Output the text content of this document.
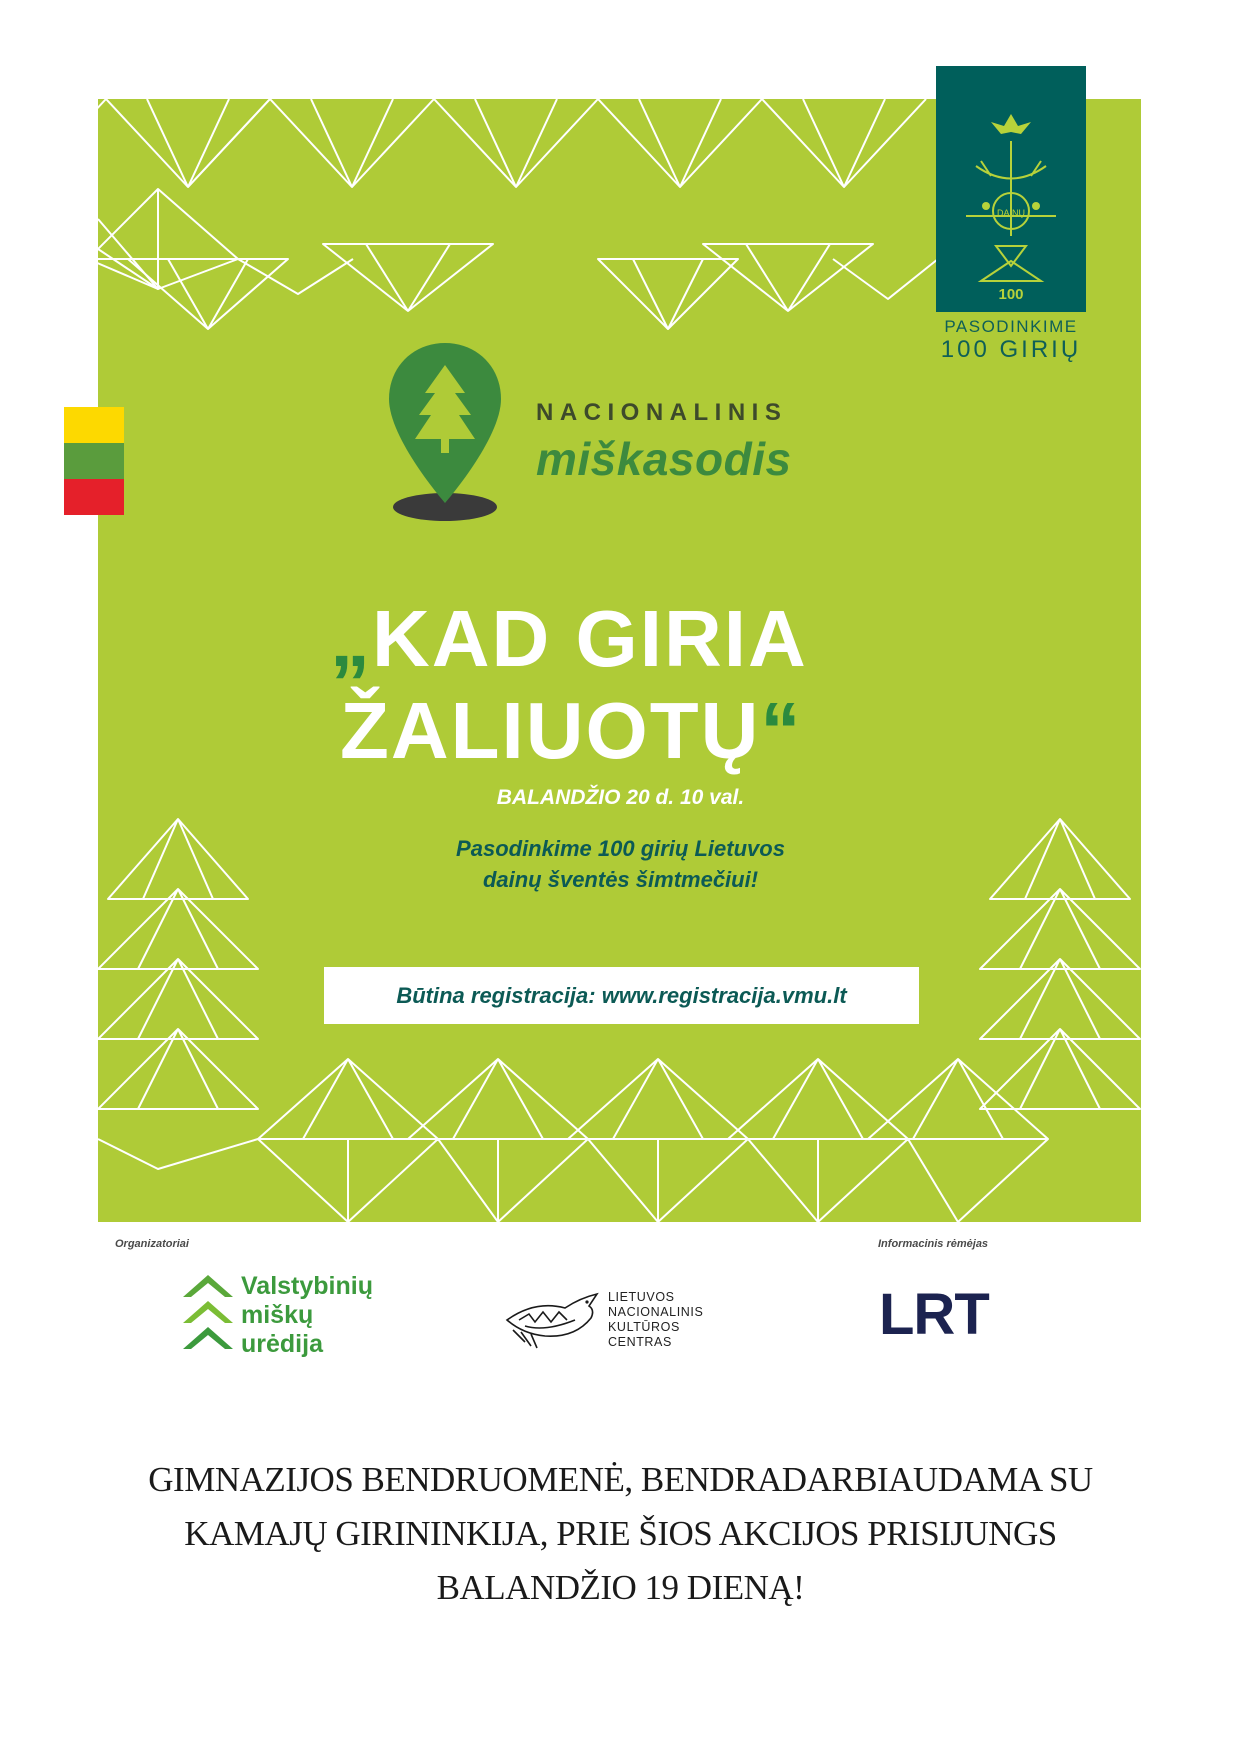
DAINŲ
100
PASODINKIME
100 GIRIŲ
NACIONALINIS
miškasodis
„KAD GIRIA
ŽALIUOTŲ“
BALANDŽIO 20 d. 10 val.
Pasodinkime 100 girių Lietuvos
dainų šventės šimtmečiui!
Būtina registracija: www.registracija.vmu.lt
Organizatoriai	Informacinis rėmėjas
Valstybinių
miškų
urėdija
LIETUVOS
NACIONALINIS
KULTŪROS
CENTRAS	LRT
GIMNAZIJOS BENDRUOMENĖ, BENDRADARBIAUDAMA SU
KAMAJŲ GIRININKIJA, PRIE ŠIOS AKCIJOS PRISIJUNGS
BALANDŽIO 19 DIENĄ!
